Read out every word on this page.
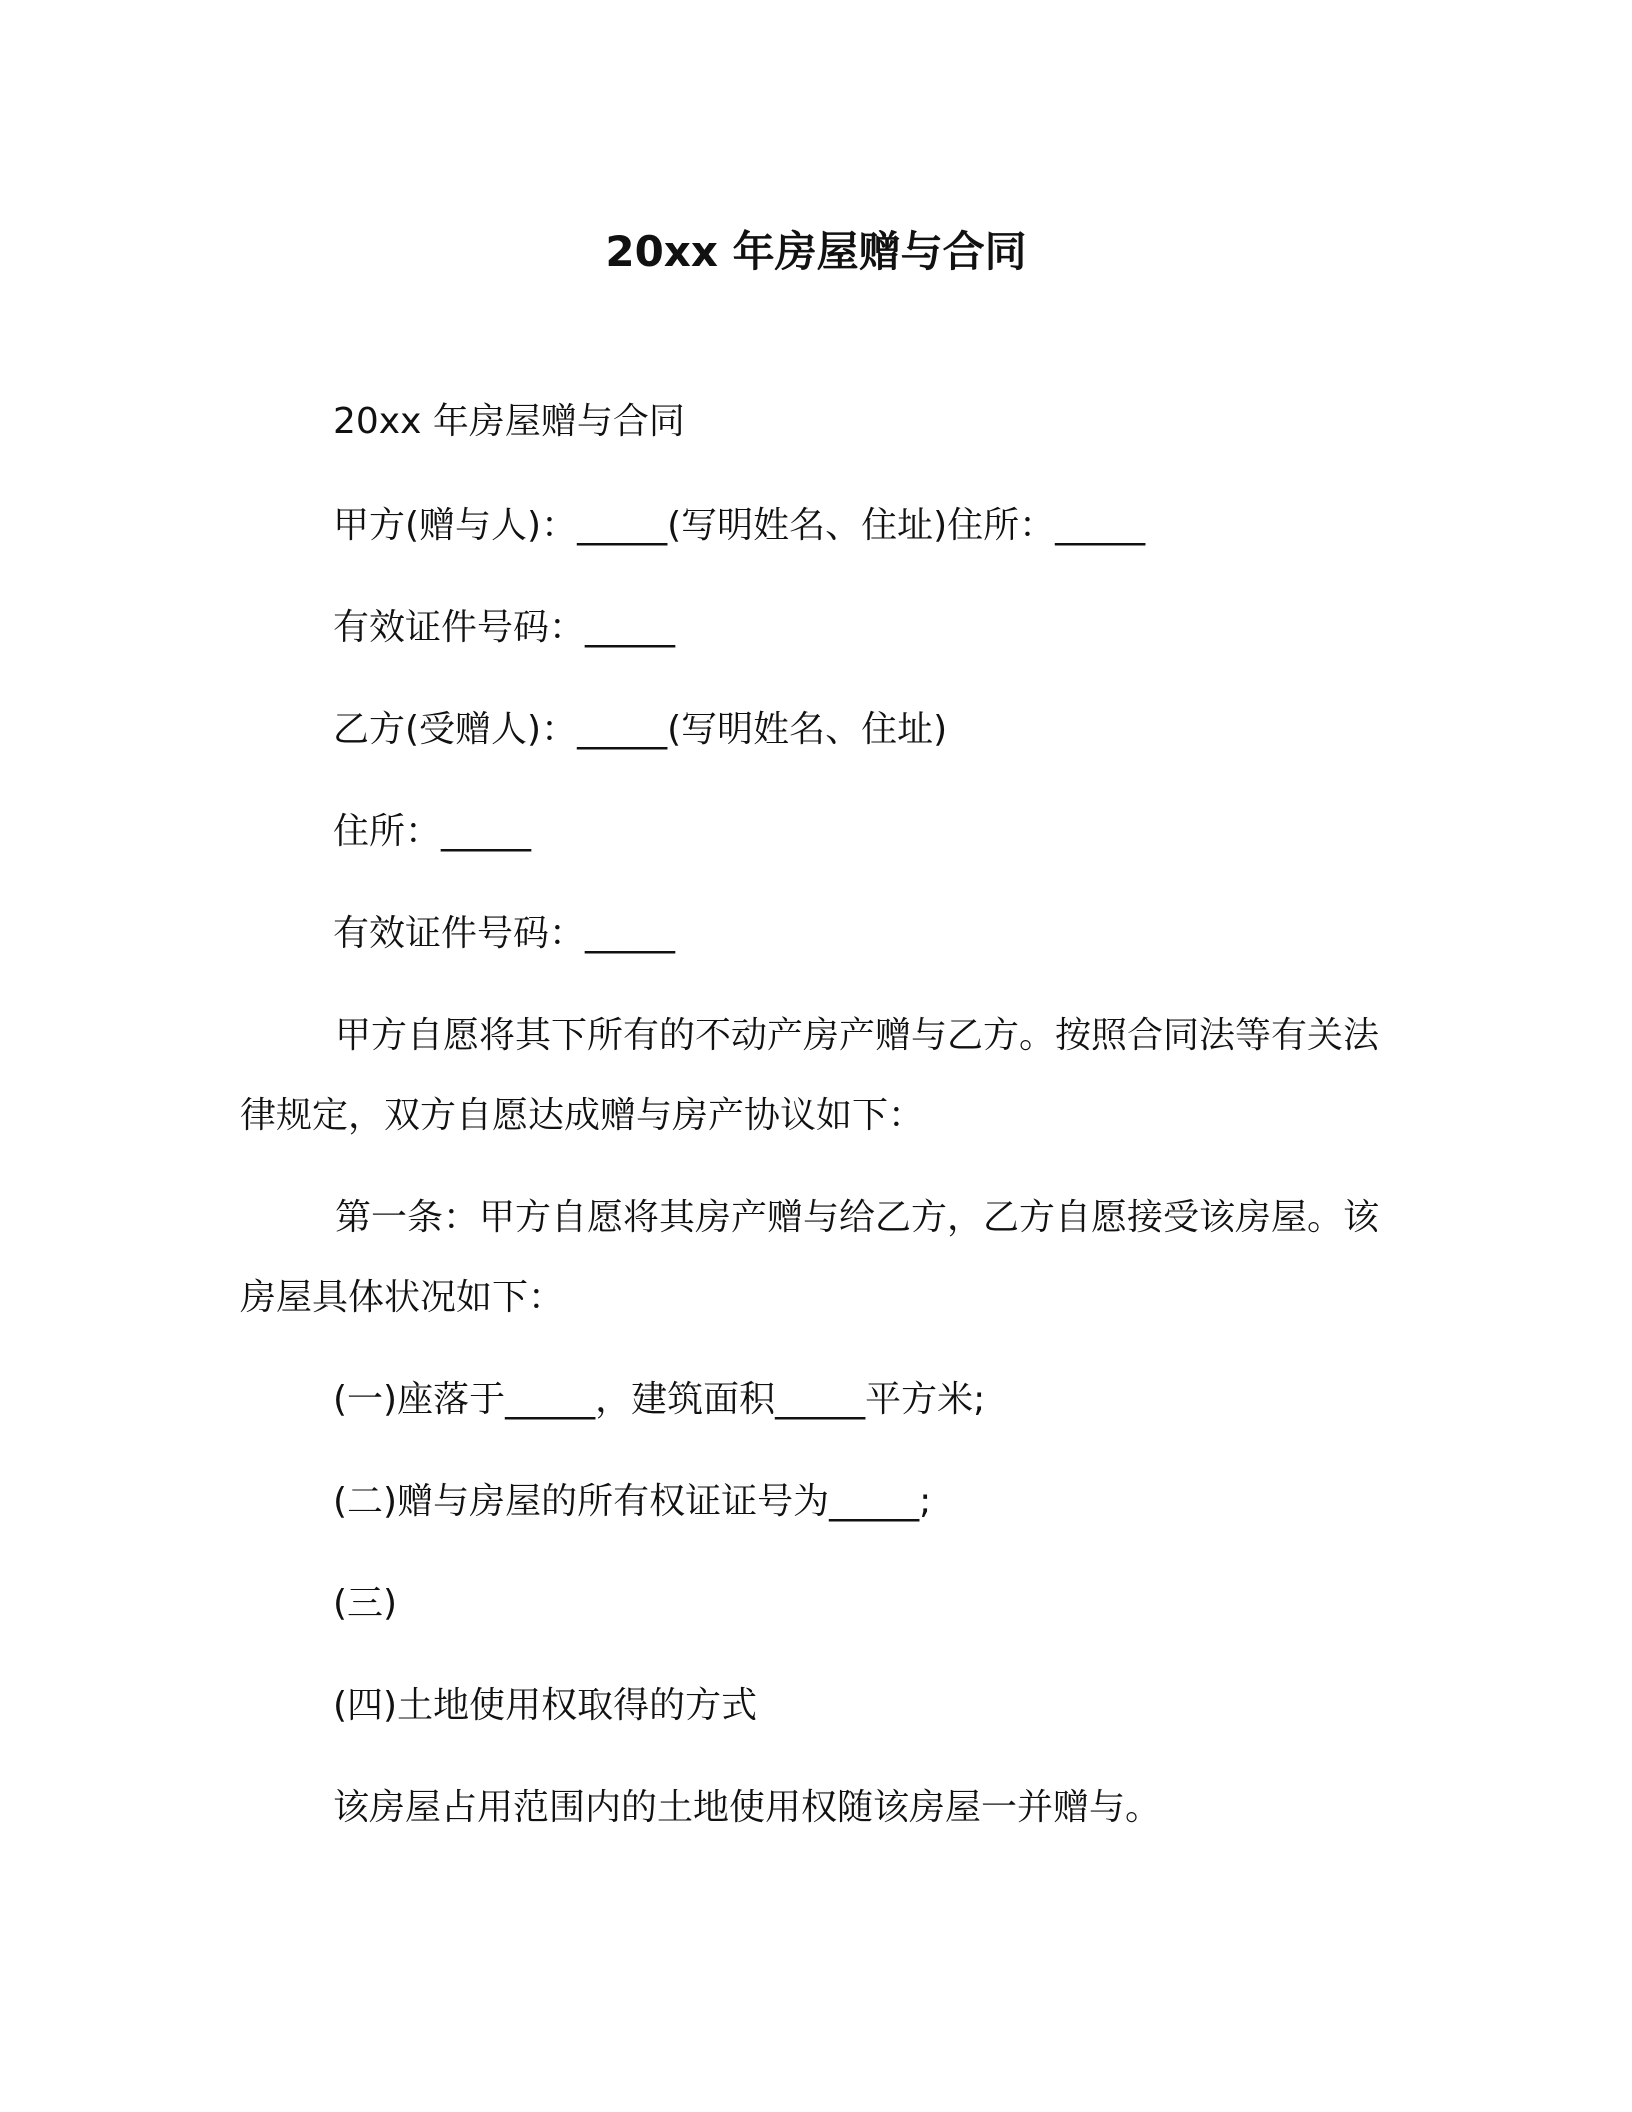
20xx 年房屋赠与合同
20xx 年房屋赠与合同
甲方(赠与人)：_____(写明姓名、住址)住所：_____
有效证件号码：_____
乙方(受赠人)：_____(写明姓名、住址)
住所：_____
有效证件号码：_____
甲方自愿将其下所有的不动产房产赠与乙方。按照合同法等有关法律规定，双方自愿达成赠与房产协议如下：
第一条：甲方自愿将其房产赠与给乙方，乙方自愿接受该房屋。该房屋具体状况如下：
(一)座落于_____，建筑面积_____平方米;
(二)赠与房屋的所有权证证号为_____;
(三)
(四)土地使用权取得的方式
该房屋占用范围内的土地使用权随该房屋一并赠与。
